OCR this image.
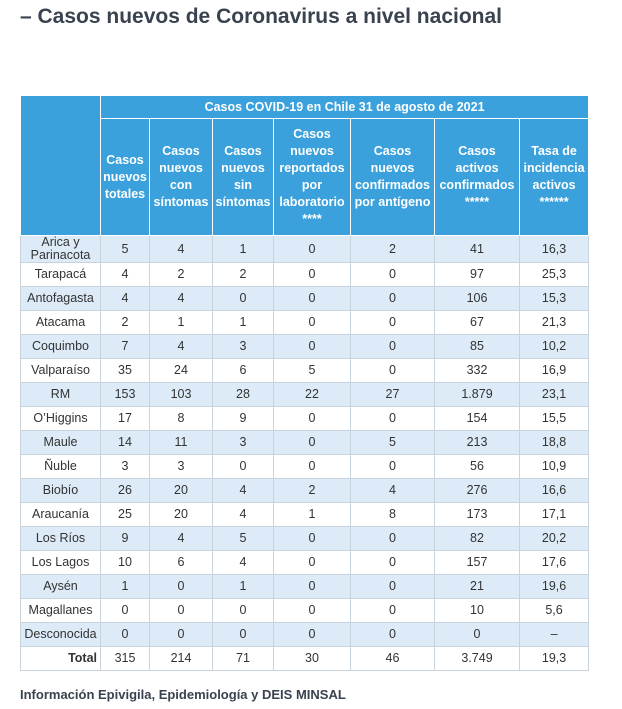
– Casos nuevos de Coronavirus a nivel nacional
	Casos COVID-19 en Chile 31 de agosto de 2021						
	Casos nuevos totales	Casos nuevos con síntomas	Casos nuevos sin síntomas	Casos nuevos reportados por laboratorio ****	Casos nuevos confirmados por antígeno	Casos activos confirmados *****	Tasa de incidencia activos ******
Arica y Parinacota	5	4	1	0	2	41	16,3
Tarapacá	4	2	2	0	0	97	25,3
Antofagasta	4	4	0	0	0	106	15,3
Atacama	2	1	1	0	0	67	21,3
Coquimbo	7	4	3	0	0	85	10,2
Valparaíso	35	24	6	5	0	332	16,9
RM	153	103	28	22	27	1.879	23,1
O’Higgins	17	8	9	0	0	154	15,5
Maule	14	11	3	0	5	213	18,8
Ñuble	3	3	0	0	0	56	10,9
Biobío	26	20	4	2	4	276	16,6
Araucanía	25	20	4	1	8	173	17,1
Los Ríos	9	4	5	0	0	82	20,2
Los Lagos	10	6	4	0	0	157	17,6
Aysén	1	0	1	0	0	21	19,6
Magallanes	0	0	0	0	0	10	5,6
Desconocida	0	0	0	0	0	0	–
Total	315	214	71	30	46	3.749	19,3
Información Epivigila, Epidemiología y DEIS MINSAL
